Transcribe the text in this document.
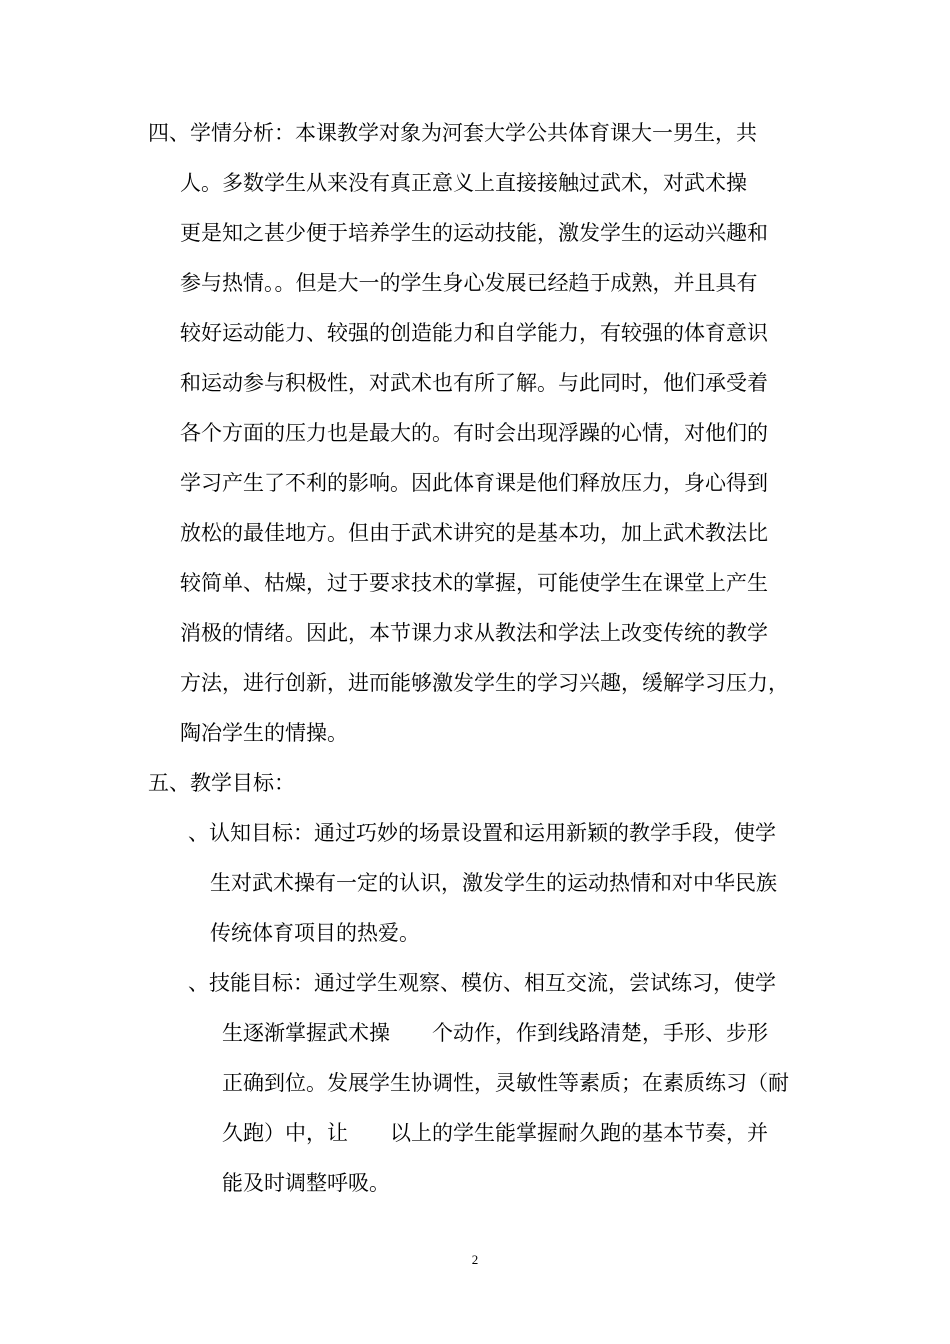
四、学情分析：本课教学对象为河套大学公共体育课大一男生，共
人。多数学生从来没有真正意义上直接接触过武术，对武术操
更是知之甚少便于培养学生的运动技能，激发学生的运动兴趣和
参与热情。。但是大一的学生身心发展已经趋于成熟，并且具有
较好运动能力、较强的创造能力和自学能力，有较强的体育意识
和运动参与积极性，对武术也有所了解。与此同时，他们承受着
各个方面的压力也是最大的。有时会出现浮躁的心情，对他们的
学习产生了不利的影响。因此体育课是他们释放压力，身心得到
放松的最佳地方。但由于武术讲究的是基本功，加上武术教法比
较简单、枯燥，过于要求技术的掌握，可能使学生在课堂上产生
消极的情绪。因此，本节课力求从教法和学法上改变传统的教学
方法，进行创新，进而能够激发学生的学习兴趣，缓解学习压力，
陶冶学生的情操。
五、教学目标：
、认知目标：通过巧妙的场景设置和运用新颖的教学手段，使学
生对武术操有一定的认识，激发学生的运动热情和对中华民族
传统体育项目的热爱。
、技能目标：通过学生观察、模仿、相互交流，尝试练习，使学
生逐渐掌握武术操　　个动作，作到线路清楚，手形、步形
正确到位。发展学生协调性，灵敏性等素质；在素质练习（耐
久跑）中，让　　以上的学生能掌握耐久跑的基本节奏，并
能及时调整呼吸。
2
